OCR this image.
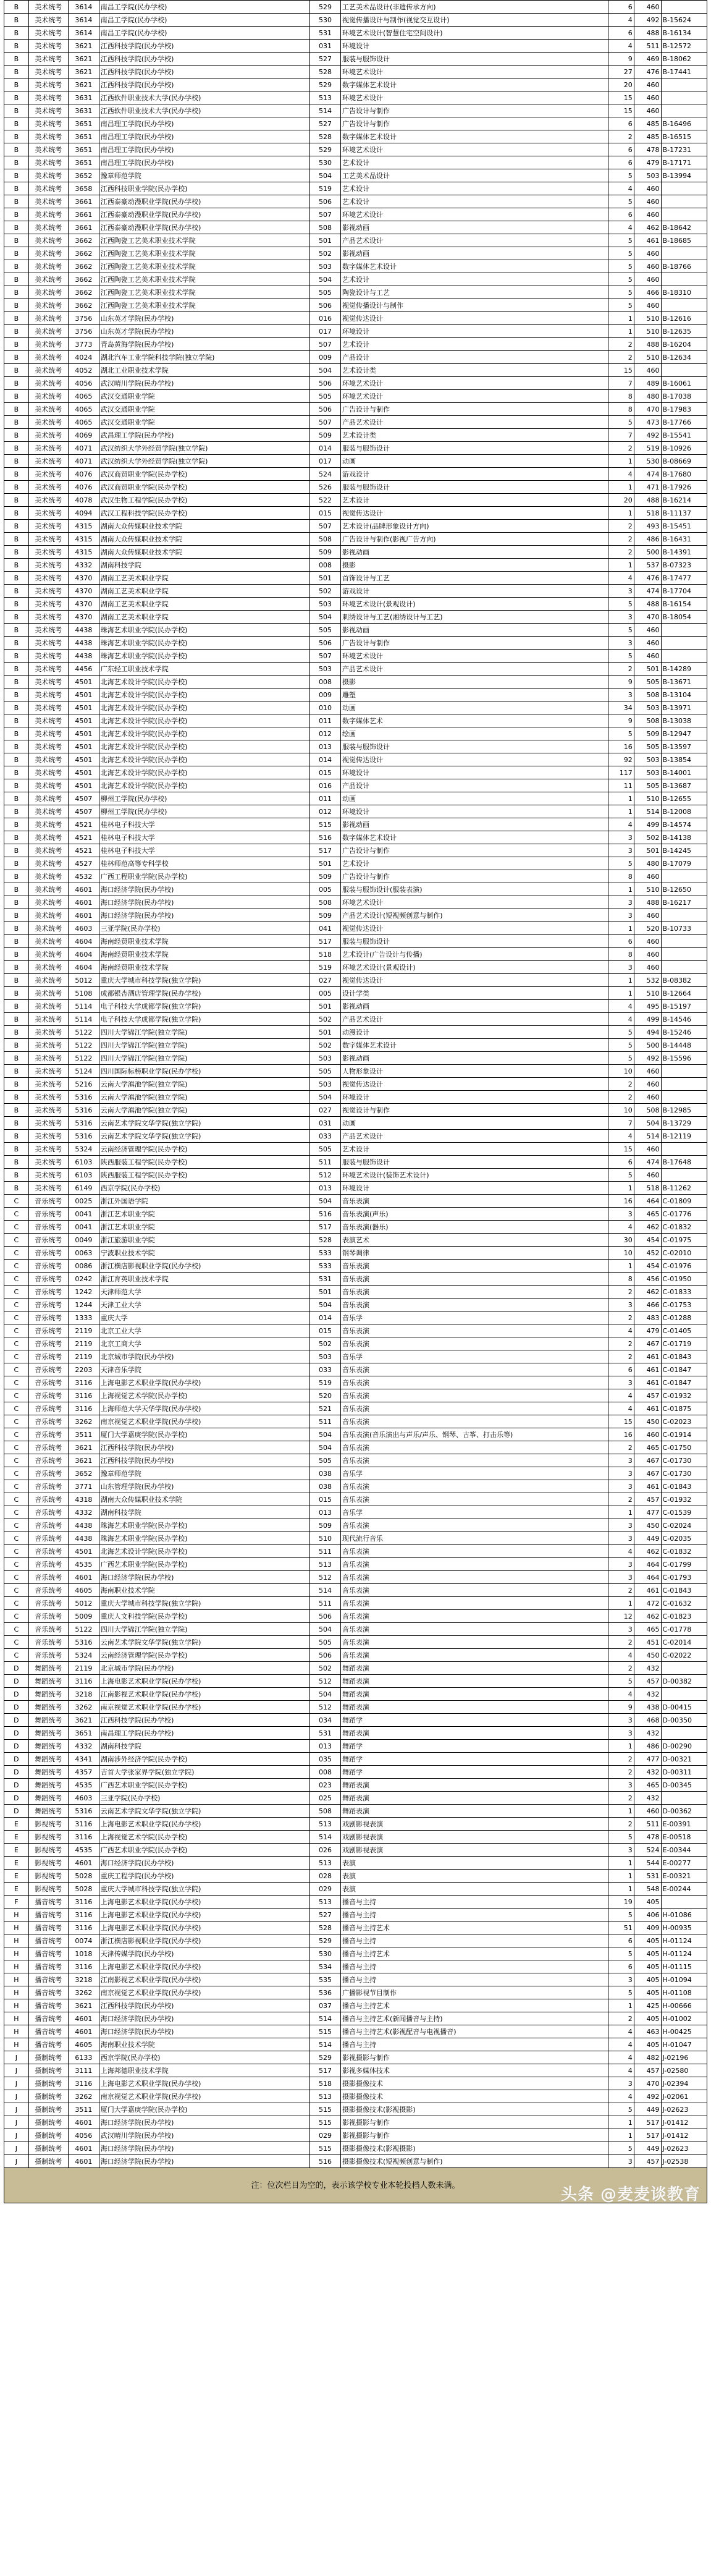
B	美术统考	3614	南昌工学院(民办学校)	529	工艺美术品设计(非遗传承方向)	6	460	
B	美术统考	3614	南昌工学院(民办学校)	530	视觉传播设计与制作(视觉交互设计)	4	492	B-15624
B	美术统考	3614	南昌工学院(民办学校)	531	环境艺术设计(智慧住宅空间设计)	6	488	B-16134
B	美术统考	3621	江西科技学院(民办学校)	031	环境设计	4	511	B-12572
B	美术统考	3621	江西科技学院(民办学校)	527	服装与服饰设计	9	469	B-18062
B	美术统考	3621	江西科技学院(民办学校)	528	环境艺术设计	27	476	B-17441
B	美术统考	3621	江西科技学院(民办学校)	529	数字媒体艺术设计	20	460	
B	美术统考	3631	江西软件职业技术大学(民办学校)	513	环境艺术设计	15	460	
B	美术统考	3631	江西软件职业技术大学(民办学校)	514	广告设计与制作	15	460	
B	美术统考	3651	南昌理工学院(民办学校)	527	广告设计与制作	6	485	B-16496
B	美术统考	3651	南昌理工学院(民办学校)	528	数字媒体艺术设计	2	485	B-16515
B	美术统考	3651	南昌理工学院(民办学校)	529	环境艺术设计	6	478	B-17231
B	美术统考	3651	南昌理工学院(民办学校)	530	艺术设计	6	479	B-17171
B	美术统考	3652	豫章师范学院	504	工艺美术品设计	5	503	B-13994
B	美术统考	3658	江西科技职业学院(民办学校)	519	艺术设计	4	460	
B	美术统考	3661	江西泰豪动漫职业学院(民办学校)	506	艺术设计	5	460	
B	美术统考	3661	江西泰豪动漫职业学院(民办学校)	507	环境艺术设计	6	460	
B	美术统考	3661	江西泰豪动漫职业学院(民办学校)	508	影视动画	4	462	B-18642
B	美术统考	3662	江西陶瓷工艺美术职业技术学院	501	产品艺术设计	5	461	B-18685
B	美术统考	3662	江西陶瓷工艺美术职业技术学院	502	影视动画	5	460	
B	美术统考	3662	江西陶瓷工艺美术职业技术学院	503	数字媒体艺术设计	5	460	B-18766
B	美术统考	3662	江西陶瓷工艺美术职业技术学院	504	艺术设计	5	460	
B	美术统考	3662	江西陶瓷工艺美术职业技术学院	505	陶瓷设计与工艺	5	466	B-18310
B	美术统考	3662	江西陶瓷工艺美术职业技术学院	506	视觉传播设计与制作	5	460	
B	美术统考	3756	山东英才学院(民办学校)	016	视觉传达设计	1	510	B-12616
B	美术统考	3756	山东英才学院(民办学校)	017	环境设计	1	510	B-12635
B	美术统考	3773	青岛黄海学院(民办学校)	507	艺术设计	2	488	B-16204
B	美术统考	4024	湖北汽车工业学院科技学院(独立学院)	009	产品设计	2	510	B-12634
B	美术统考	4052	湖北工业职业技术学院	504	艺术设计类	15	460	
B	美术统考	4056	武汉晴川学院(民办学校)	506	环境艺术设计	7	489	B-16061
B	美术统考	4065	武汉交通职业学院	505	环境艺术设计	8	480	B-17038
B	美术统考	4065	武汉交通职业学院	506	广告设计与制作	8	470	B-17983
B	美术统考	4065	武汉交通职业学院	507	产品艺术设计	5	473	B-17766
B	美术统考	4069	武昌理工学院(民办学校)	509	艺术设计类	7	492	B-15541
B	美术统考	4071	武汉纺织大学外经贸学院(独立学院)	014	服装与服饰设计	2	519	B-10926
B	美术统考	4071	武汉纺织大学外经贸学院(独立学院)	017	动画	1	530	B-08669
B	美术统考	4076	武汉商贸职业学院(民办学校)	524	游戏设计	4	474	B-17680
B	美术统考	4076	武汉商贸职业学院(民办学校)	526	服装与服饰设计	1	471	B-17926
B	美术统考	4078	武汉生物工程学院(民办学校)	522	艺术设计	20	488	B-16214
B	美术统考	4094	武汉工程科技学院(民办学校)	015	视觉传达设计	1	518	B-11137
B	美术统考	4315	湖南大众传媒职业技术学院	507	艺术设计(品牌形象设计方向)	2	493	B-15451
B	美术统考	4315	湖南大众传媒职业技术学院	508	广告设计与制作(影视广告方向)	2	486	B-16431
B	美术统考	4315	湖南大众传媒职业技术学院	509	影视动画	2	500	B-14391
B	美术统考	4332	湖南科技学院	008	摄影	1	537	B-07323
B	美术统考	4370	湖南工艺美术职业学院	501	首饰设计与工艺	4	476	B-17477
B	美术统考	4370	湖南工艺美术职业学院	502	游戏设计	3	474	B-17704
B	美术统考	4370	湖南工艺美术职业学院	503	环境艺术设计(景观设计)	5	488	B-16154
B	美术统考	4370	湖南工艺美术职业学院	504	刺绣设计与工艺(湘绣设计与工艺)	3	470	B-18054
B	美术统考	4438	珠海艺术职业学院(民办学校)	505	影视动画	5	460	
B	美术统考	4438	珠海艺术职业学院(民办学校)	506	广告设计与制作	3	460	
B	美术统考	4438	珠海艺术职业学院(民办学校)	507	环境艺术设计	5	460	
B	美术统考	4456	广东轻工职业技术学院	503	产品艺术设计	2	501	B-14289
B	美术统考	4501	北海艺术设计学院(民办学校)	008	摄影	9	505	B-13671
B	美术统考	4501	北海艺术设计学院(民办学校)	009	雕塑	3	508	B-13104
B	美术统考	4501	北海艺术设计学院(民办学校)	010	动画	34	503	B-13971
B	美术统考	4501	北海艺术设计学院(民办学校)	011	数字媒体艺术	9	508	B-13038
B	美术统考	4501	北海艺术设计学院(民办学校)	012	绘画	5	509	B-12947
B	美术统考	4501	北海艺术设计学院(民办学校)	013	服装与服饰设计	16	505	B-13597
B	美术统考	4501	北海艺术设计学院(民办学校)	014	视觉传达设计	92	503	B-13854
B	美术统考	4501	北海艺术设计学院(民办学校)	015	环境设计	117	503	B-14001
B	美术统考	4501	北海艺术设计学院(民办学校)	016	产品设计	11	505	B-13687
B	美术统考	4507	柳州工学院(民办学校)	011	动画	1	510	B-12655
B	美术统考	4507	柳州工学院(民办学校)	012	环境设计	1	514	B-12008
B	美术统考	4521	桂林电子科技大学	515	影视动画	4	499	B-14574
B	美术统考	4521	桂林电子科技大学	516	数字媒体艺术设计	3	502	B-14138
B	美术统考	4521	桂林电子科技大学	517	广告设计与制作	3	501	B-14245
B	美术统考	4527	桂林师范高等专科学校	501	艺术设计	5	480	B-17079
B	美术统考	4532	广西工程职业学院(民办学校)	509	广告设计与制作	8	460	
B	美术统考	4601	海口经济学院(民办学校)	005	服装与服饰设计(服装表演)	1	510	B-12650
B	美术统考	4601	海口经济学院(民办学校)	508	环境艺术设计	3	488	B-16217
B	美术统考	4601	海口经济学院(民办学校)	509	产品艺术设计(短视频创意与制作)	3	460	
B	美术统考	4603	三亚学院(民办学校)	041	视觉传达设计	1	520	B-10733
B	美术统考	4604	海南经贸职业技术学院	517	服装与服饰设计	6	460	
B	美术统考	4604	海南经贸职业技术学院	518	艺术设计(广告设计与传播)	8	460	
B	美术统考	4604	海南经贸职业技术学院	519	环境艺术设计(景观设计)	3	460	
B	美术统考	5012	重庆大学城市科技学院(独立学院)	027	视觉传达设计	1	532	B-08382
B	美术统考	5108	成都银杏酒店管理学院(民办学校)	005	设计学类	1	510	B-12664
B	美术统考	5114	电子科技大学成都学院(独立学院)	501	影视动画	4	495	B-15197
B	美术统考	5114	电子科技大学成都学院(独立学院)	502	产品艺术设计	4	499	B-14546
B	美术统考	5122	四川大学锦江学院(独立学院)	501	动漫设计	5	494	B-15246
B	美术统考	5122	四川大学锦江学院(独立学院)	502	数字媒体艺术设计	5	500	B-14448
B	美术统考	5122	四川大学锦江学院(独立学院)	503	影视动画	5	492	B-15596
B	美术统考	5124	四川国际标榜职业学院(民办学校)	505	人物形象设计	10	460	
B	美术统考	5216	云南大学滇池学院(独立学院)	503	视觉传达设计	2	460	
B	美术统考	5316	云南大学滇池学院(独立学院)	504	环境设计	2	460	
B	美术统考	5316	云南大学滇池学院(独立学院)	027	视觉设计与制作	10	508	B-12985
B	美术统考	5316	云南艺术学院文华学院(独立学院)	031	动画	7	504	B-13729
B	美术统考	5316	云南艺术学院文华学院(独立学院)	033	产品艺术设计	4	514	B-12119
B	美术统考	5324	云南经济管理学院(民办学校)	505	艺术设计	15	460	
B	美术统考	6103	陕西服装工程学院(民办学校)	511	服装与服饰设计	6	474	B-17648
B	美术统考	6103	陕西服装工程学院(民办学校)	512	环境艺术设计(装饰艺术设计)	5	460	
B	美术统考	6149	西京学院(民办学校)	013	环境设计	1	518	B-11262
C	音乐统考	0025	浙江外国语学院	504	音乐表演	16	464	C-01809
C	音乐统考	0041	浙江艺术职业学院	516	音乐表演(声乐)	3	465	C-01776
C	音乐统考	0041	浙江艺术职业学院	517	音乐表演(器乐)	4	462	C-01832
C	音乐统考	0049	浙江旅游职业学院	528	表演艺术	30	454	C-01975
C	音乐统考	0063	宁波职业技术学院	533	钢琴调律	10	452	C-02010
C	音乐统考	0086	浙江横店影视职业学院(民办学校)	533	音乐表演	1	454	C-01976
C	音乐统考	0242	浙江育英职业技术学院	531	音乐表演	8	456	C-01950
C	音乐统考	1242	天津师范大学	501	音乐表演	2	462	C-01833
C	音乐统考	1244	天津工业大学	504	音乐表演	3	466	C-01753
C	音乐统考	1333	重庆大学	014	音乐学	2	483	C-01288
C	音乐统考	2119	北京工业大学	015	音乐表演	4	479	C-01405
C	音乐统考	2119	北京工商大学	502	音乐表演	2	467	C-01719
C	音乐统考	2119	北京城市学院(民办学校)	503	音乐学	2	461	C-01843
C	音乐统考	2203	天津音乐学院	033	音乐表演	6	461	C-01847
C	音乐统考	3116	上海电影艺术职业学院(民办学校)	519	音乐表演	3	461	C-01847
C	音乐统考	3116	上海视觉艺术学院(民办学校)	520	音乐表演	4	457	C-01932
C	音乐统考	3116	上海师范大学天华学院(民办学校)	521	音乐表演	4	461	C-01875
C	音乐统考	3262	南京视觉艺术职业学院(民办学校)	511	音乐表演	15	450	C-02023
C	音乐统考	3511	厦门大学嘉庚学院(民办学校)	504	音乐表演(音乐演出与声乐/声乐、钢琴、古筝、打击乐等)	16	460	C-01914
C	音乐统考	3621	江西科技学院(民办学校)	504	音乐表演	2	465	C-01750
C	音乐统考	3621	江西科技学院(民办学校)	505	音乐表演	3	467	C-01730
C	音乐统考	3652	豫章师范学院	038	音乐学	3	467	C-01730
C	音乐统考	3771	山东管理学院(民办学校)	038	音乐表演	3	461	C-01843
C	音乐统考	4318	湖南大众传媒职业技术学院	015	音乐表演	2	457	C-01932
C	音乐统考	4332	湖南科技学院	013	音乐学	1	477	C-01539
C	音乐统考	4438	珠海艺术职业学院(民办学校)	509	音乐表演	3	450	C-02024
C	音乐统考	4438	珠海艺术职业学院(民办学校)	510	现代流行音乐	3	449	C-02035
C	音乐统考	4501	北海艺术设计学院(民办学校)	511	音乐表演	4	462	C-01832
C	音乐统考	4535	广西艺术职业学院(民办学校)	513	音乐表演	3	464	C-01799
C	音乐统考	4601	海口经济学院(民办学校)	512	音乐表演	3	464	C-01793
C	音乐统考	4605	海南职业技术学院	514	音乐表演	2	461	C-01843
C	音乐统考	5012	重庆大学城市科技学院(独立学院)	511	音乐表演	1	472	C-01632
C	音乐统考	5009	重庆人文科技学院(民办学校)	506	音乐表演	12	462	C-01823
C	音乐统考	5122	四川大学锦江学院(独立学院)	504	音乐表演	3	465	C-01778
C	音乐统考	5316	云南艺术学院文华学院(独立学院)	505	音乐表演	2	451	C-02014
C	音乐统考	5324	云南经济管理学院(民办学校)	506	音乐表演	4	450	C-02022
D	舞蹈统考	2119	北京城市学院(民办学校)	502	舞蹈表演	2	432	
D	舞蹈统考	3116	上海电影艺术职业学院(民办学校)	512	舞蹈表演	5	457	D-00382
D	舞蹈统考	3218	江南影视艺术职业学院(民办学校)	504	舞蹈表演	4	432	
D	舞蹈统考	3262	南京视觉艺术职业学院(民办学校)	512	舞蹈表演	9	438	D-00415
D	舞蹈统考	3621	江西科技学院(民办学校)	034	舞蹈学	3	468	D-00350
D	舞蹈统考	3651	南昌理工学院(民办学校)	531	舞蹈表演	3	432	
D	舞蹈统考	4332	湖南科技学院	013	舞蹈学	1	486	D-00290
D	舞蹈统考	4341	湖南涉外经济学院(民办学校)	035	舞蹈学	2	477	D-00321
D	舞蹈统考	4357	吉首大学张家界学院(独立学院)	008	舞蹈学	2	432	D-00311
D	舞蹈统考	4535	广西艺术职业学院(民办学校)	023	舞蹈表演	3	465	D-00345
D	舞蹈统考	4603	三亚学院(民办学校)	025	舞蹈表演	2	432	
D	舞蹈统考	5316	云南艺术学院文华学院(独立学院)	508	舞蹈表演	1	460	D-00362
E	影视统考	3116	上海电影艺术职业学院(民办学校)	513	戏剧影视表演	2	511	E-00391
E	影视统考	3116	上海视觉艺术学院(民办学校)	514	戏剧影视表演	5	478	E-00518
E	影视统考	4535	广西艺术职业学院(民办学校)	026	戏剧影视表演	3	524	E-00344
E	影视统考	4601	海口经济学院(民办学校)	513	表演	1	544	E-00277
E	影视统考	5028	重庆工程学院(民办学校)	028	表演	1	531	E-00321
E	影视统考	5028	重庆大学城市科技学院(独立学院)	029	表演	1	548	E-00244
F	播音统考	3116	上海电影艺术职业学院(民办学校)	513	播音与主持	19	405	
H	播音统考	3116	上海电影艺术职业学院(民办学校)	527	播音与主持	5	406	H-01086
H	播音统考	3116	上海电影艺术职业学院(民办学校)	528	播音与主持艺术	51	409	H-00935
H	播音统考	0074	浙江横店影视职业学院(民办学校)	529	播音与主持	6	405	H-01124
H	播音统考	1018	天津传媒学院(民办学校)	530	播音与主持艺术	5	405	H-01124
H	播音统考	3116	上海电影艺术职业学院(民办学校)	534	播音与主持	6	405	H-01115
H	播音统考	3218	江南影视艺术职业学院(民办学校)	535	播音与主持	3	405	H-01094
H	播音统考	3262	南京视觉艺术职业学院(民办学校)	536	广播影视节目制作	5	405	H-01108
H	播音统考	3621	江西科技学院(民办学校)	037	播音与主持艺术	1	425	H-00666
H	播音统考	4601	海口经济学院(民办学校)	514	播音与主持艺术(新闻播音与主持)	2	405	H-01002
H	播音统考	4601	海口经济学院(民办学校)	515	播音与主持艺术(影视配音与电视播音)	4	463	H-00425
H	播音统考	4605	海南职业技术学院	514	播音与主持	4	405	H-01047
J	摄制统考	6133	西京学院(民办学校)	529	影视摄影与制作	4	482	J-02196
J	摄制统考	3111	上海邦德职业技术学院	517	影视多媒体技术	4	457	J-02580
J	摄制统考	3116	上海电影艺术职业学院(民办学校)	518	摄影摄像技术	3	470	J-02394
J	摄制统考	3262	南京视觉艺术职业学院(民办学校)	513	摄影摄像技术	4	492	J-02061
J	摄制统考	3511	厦门大学嘉庚学院(民办学校)	515	摄影摄像技术(影视摄影)	5	449	J-02623
J	摄制统考	4601	海口经济学院(民办学校)	515	影视摄影与制作	1	517	J-01412
J	摄制统考	4056	武汉晴川学院(民办学校)	029	影视摄影与制作	1	517	J-01412
J	摄制统考	4601	海口经济学院(民办学校)	515	摄影摄像技术(影视摄影)	5	449	J-02623
J	摄制统考	4601	海口经济学院(民办学校)	516	摄影摄像技术(短视频创意与制作)	3	457	J-02538

注：位次栏目为空的，表示该学校专业本轮投档人数未满。 头条 @麦麦谈教育								
